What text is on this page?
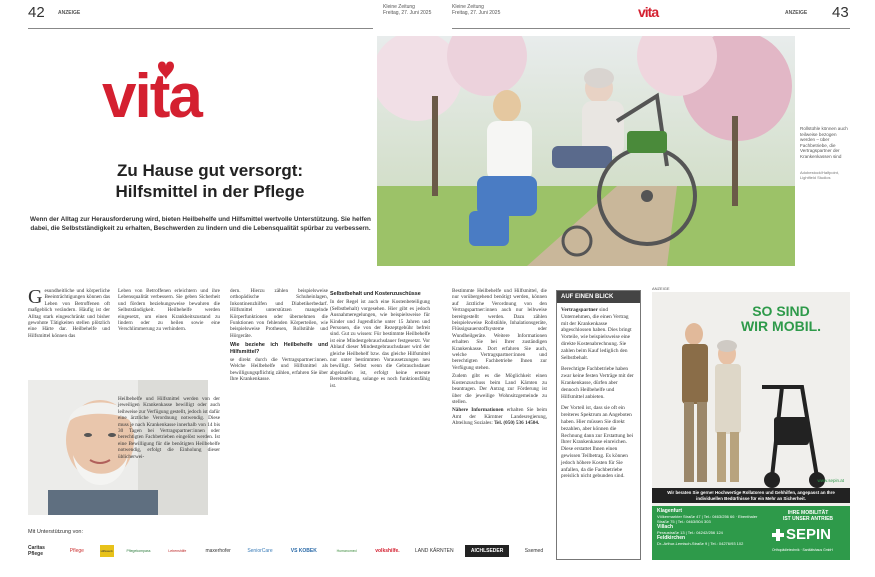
42	ANZEIGE
Kleine Zeitung
Freitag, 27. Juni 2025
Kleine Zeitung
Freitag, 27. Juni 2025	vita	ANZEIGE 43
vita
Zu Hause gut versorgt:
Hilfsmittel in der Pflege
Wenn der Alltag zur Herausforderung wird, bieten Heilbehelfe und Hilfsmittel wertvolle Unterstützung. Sie helfen dabei, die Selbstständigkeit zu erhalten, Beschwerden zu lindern und die Lebensqualität spürbar zu verbessern.
Rollstühle können auch teilweise bezogen werden – über Fachbetriebe, die Vertragspartner der Krankenkassen sind
Adobestock/Halfpoint, Lightfield Studios
G esundheitliche und körperliche Beeinträchtigungen können das Leben von Betroffenen oft maßgeblich verändern. Häufig ist der Alltag stark eingeschränkt und bisher gewohnte Tätigkeiten stellen plötzlich eine Härte dar. Heilbehelfe und Hilfsmittel können das

Leben von Betroffenen erleichtern und ihre Lebensqualität verbessern. Sie geben Sicherheit und fördern beziehungsweise bewahren die Selbstständigkeit. Heilbehelfe werden eingesetzt, um einen Krankheitszustand zu lindern oder zu heilen sowie eine Verschlimmerung zu verhindern.

Heilbehelfe und Hilfsmittel werden von der jeweiligen Krankenkasse bewilligt oder auch leihweise zur Verfügung gestellt, jedoch ist dafür eine ärztliche Verordnung notwendig. Diese muss je nach Krankenkasse innerhalb von 14 bis 30 Tagen bei Vertragspartner:innen oder berechtigten Fachbetrieben eingelöst werden. Ist eine Bewilligung für die benötigten Heilbehelfe notwendig, erfolgt die Einholung dieser üblicherwei-

dern. Hierzu zählen beispielsweise orthopädische Schuheinlagen, Inkontinenzhilfen und Diabetikerbedarf. Hilfsmittel unterstützen mangelnde Körperfunktionen oder übernehmen die Funktionen von fehlenden Körperteilen, wie beispielsweise Prothesen, Rollstühle und Hörgeräte.

Wie beziehe ich Heilbehelfe und Hilfsmittel?

se direkt durch die Vertragspartner:innen. Welche Heilbehelfe und Hilfsmittel als bewilligungspflichtig zählen, erfahren Sie über Ihre Krankenkasse.

Selbstbehalt und Kostenzuschüsse

In der Regel ist auch eine Kostenbeteiligung (Selbstbehalt) vorgesehen. Hier gibt es jedoch Ausnahmeregelungen, wie beispielsweise für Kinder und Jugendliche unter 15 Jahren und Personen, die von der Rezeptgebühr befreit sind. Gut zu wissen: Für bestimmte Heilbehelfe ist eine Mindestgebrauchsdauer festgesetzt. Vor Ablauf dieser Mindestgebrauchsdauer wird der gleiche Heilbehelf bzw. das gleiche Hilfsmittel nur unter bestimmten Voraussetzungen neu bewilligt. Selbst wenn die Gebrauchsdauer abgelaufen ist, erfolgt keine erneute Bereitstellung, solange es noch funktionsfähig ist.

Bestimmte Heilbehelfe und Hilfsmittel, die nur vorübergehend benötigt werden, können auf ärztliche Verordnung von den Vertragspartner:innen auch nur leihweise bereitgestellt werden. Dazu zählen beispielsweise Rollstühle, Inhalationsgeräte, Flüssigsauerstoffsysteme oder Wundheilgeräte. Weitere Informationen erhalten Sie bei Ihrer zuständigen Krankenkasse. Dort erfahren Sie auch, welche Vertragspartner:innen und berechtigten Fachbetriebe Ihnen zur Verfügung stehen.

Zudem gibt es die Möglichkeit einen Kostenzuschuss beim Land Kärnten zu beantragen. Der Antrag zur Förderung ist über die jeweilige Wohnsitzgemeinde zu stellen.

Nähere Informationen erhalten Sie beim Amt der Kärntner Landesregierung, Abteilung Soziales: Tel. (050) 536 14504.

AUF EINEN BLICK

Vertragspartner sind Unternehmen, die einen Vertrag mit der Krankenkasse abgeschlossen haben. Dies bringt Vorteile, wie beispielsweise eine direkte Kostenabrechnung. Sie zahlen beim Kauf lediglich den Selbstbehalt.

Berechtigte Fachbetriebe haben zwar keine festen Verträge mit der Krankenkasse, dürfen aber dennoch Heilbehelfe und Hilfsmittel anbieten.

Der Vorteil ist, dass sie oft ein breiteres Spektrum an Angeboten haben. Hier müssen Sie direkt bezahlen, aber können die Rechnung dann zur Erstattung bei Ihrer Krankenkasse einreichen. Diese erstattet Ihnen einen gewissen Teilbetrag. Es können jedoch höhere Kosten für Sie anfallen, da die Fachbetriebe preislich nicht gebunden sind.

ANZEIGE
SO SIND
WIR MOBIL.
www.sepin.at
Wir beraten Sie gerne! Hochwertige Rollatoren und Gehhilfen, angepasst an Ihre individuellen Bedürfnisse für ein Mehr an Sicherheit.
Klagenfurt
Völkermarkter Straße 47 | Tel.: 0463/256 66 · Ebenthaler Straße 75 | Tel.: 0463/504 303
Villach
Peraustraße 13 | Tel.: 04242/256 124
Feldkirchen
Dr.-Arthur-Lemisch-Straße 9 | Tel.: 04276/93 102
IHRE MOBILITÄT
IST UNSER ANTRIEB
SEPIN
Orthopädietechnik · Sanitätshaus GmbH
Mit Unterstützung von:
Caritas Pflege	Pflege	Hilfswerk	Pflegekompass	Lebenshilfe	maxerhofer	SeniorCare	VS KOBEK	Humanomed	volkshilfe.	LAND KÄRNTEN	AICHLSEDER	Ssemed
